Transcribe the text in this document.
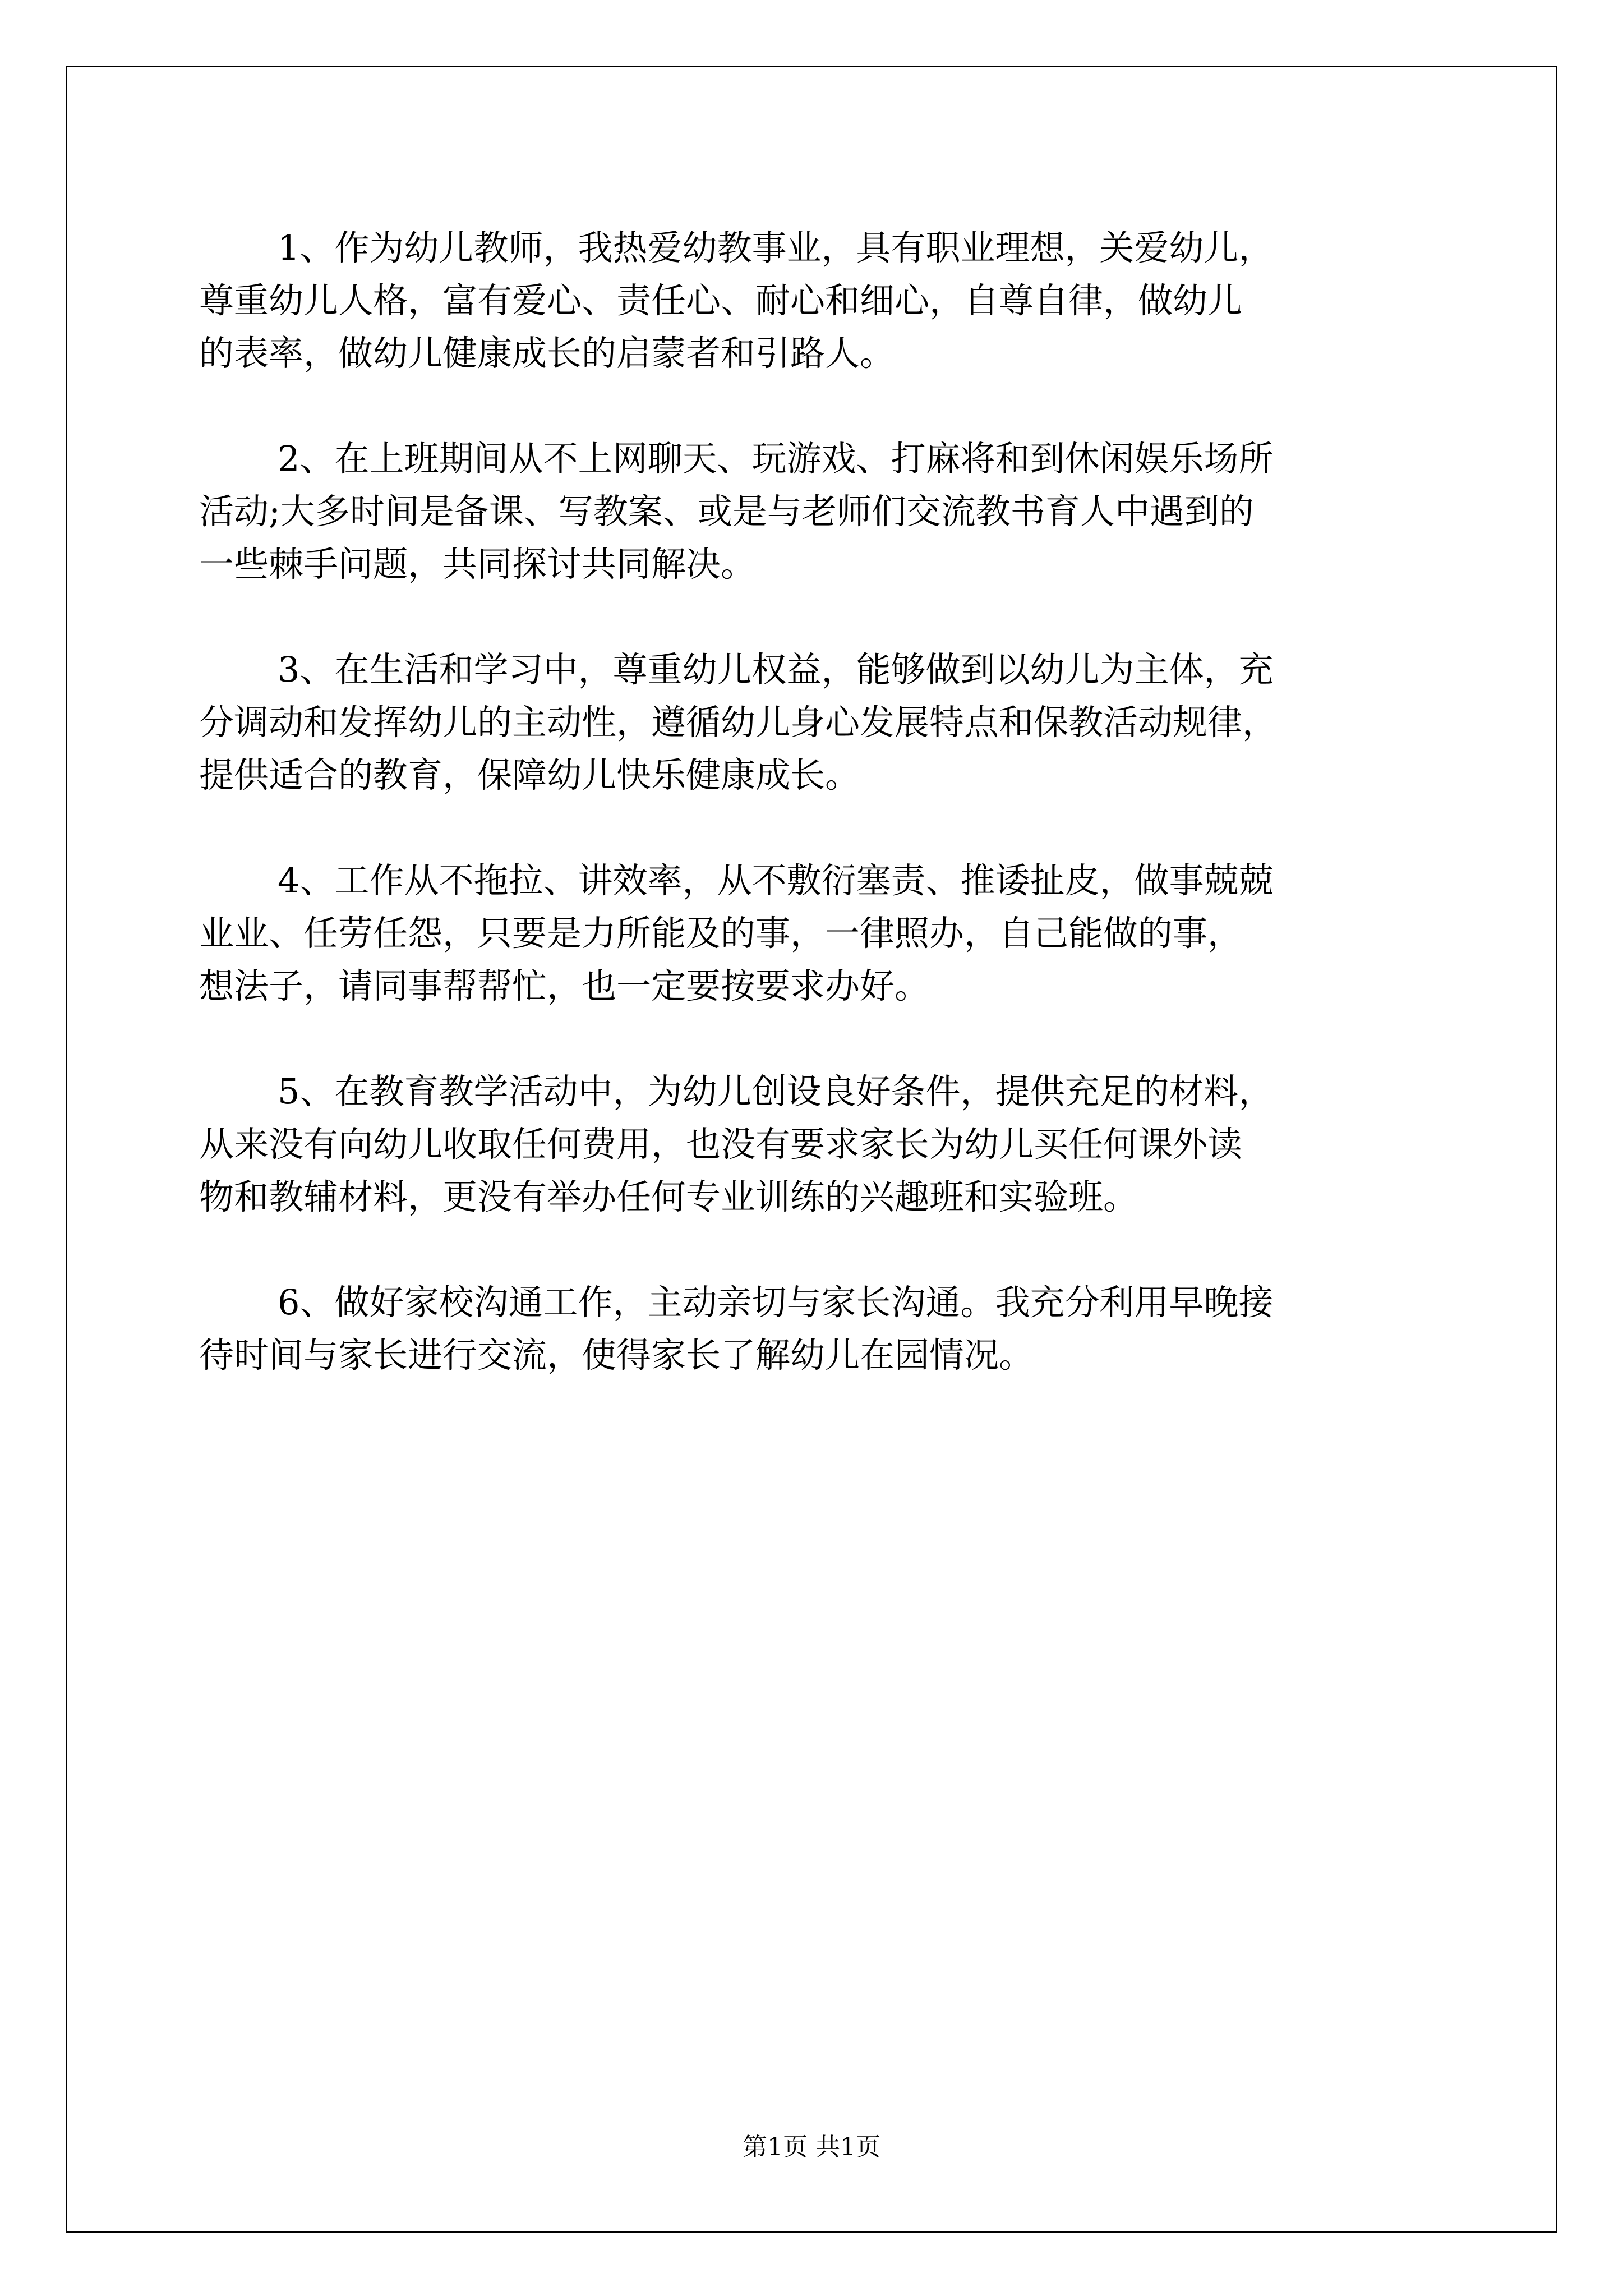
1、作为幼儿教师，我热爱幼教事业，具有职业理想，关爱幼儿，
尊重幼儿人格，富有爱心、责任心、耐心和细心，自尊自律，做幼儿
的表率，做幼儿健康成长的启蒙者和引路人。

2、在上班期间从不上网聊天、玩游戏、打麻将和到休闲娱乐场所
活动;大多时间是备课、写教案、或是与老师们交流教书育人中遇到的
一些棘手问题，共同探讨共同解决。

3、在生活和学习中，尊重幼儿权益，能够做到以幼儿为主体，充
分调动和发挥幼儿的主动性，遵循幼儿身心发展特点和保教活动规律，
提供适合的教育，保障幼儿快乐健康成长。

4、工作从不拖拉、讲效率，从不敷衍塞责、推诿扯皮，做事兢兢
业业、任劳任怨，只要是力所能及的事，一律照办，自己能做的事，
想法子，请同事帮帮忙，也一定要按要求办好。

5、在教育教学活动中，为幼儿创设良好条件，提供充足的材料，
从来没有向幼儿收取任何费用，也没有要求家长为幼儿买任何课外读
物和教辅材料，更没有举办任何专业训练的兴趣班和实验班。

6、做好家校沟通工作，主动亲切与家长沟通。我充分利用早晚接
待时间与家长进行交流，使得家长了解幼儿在园情况。

第1页 共1页
